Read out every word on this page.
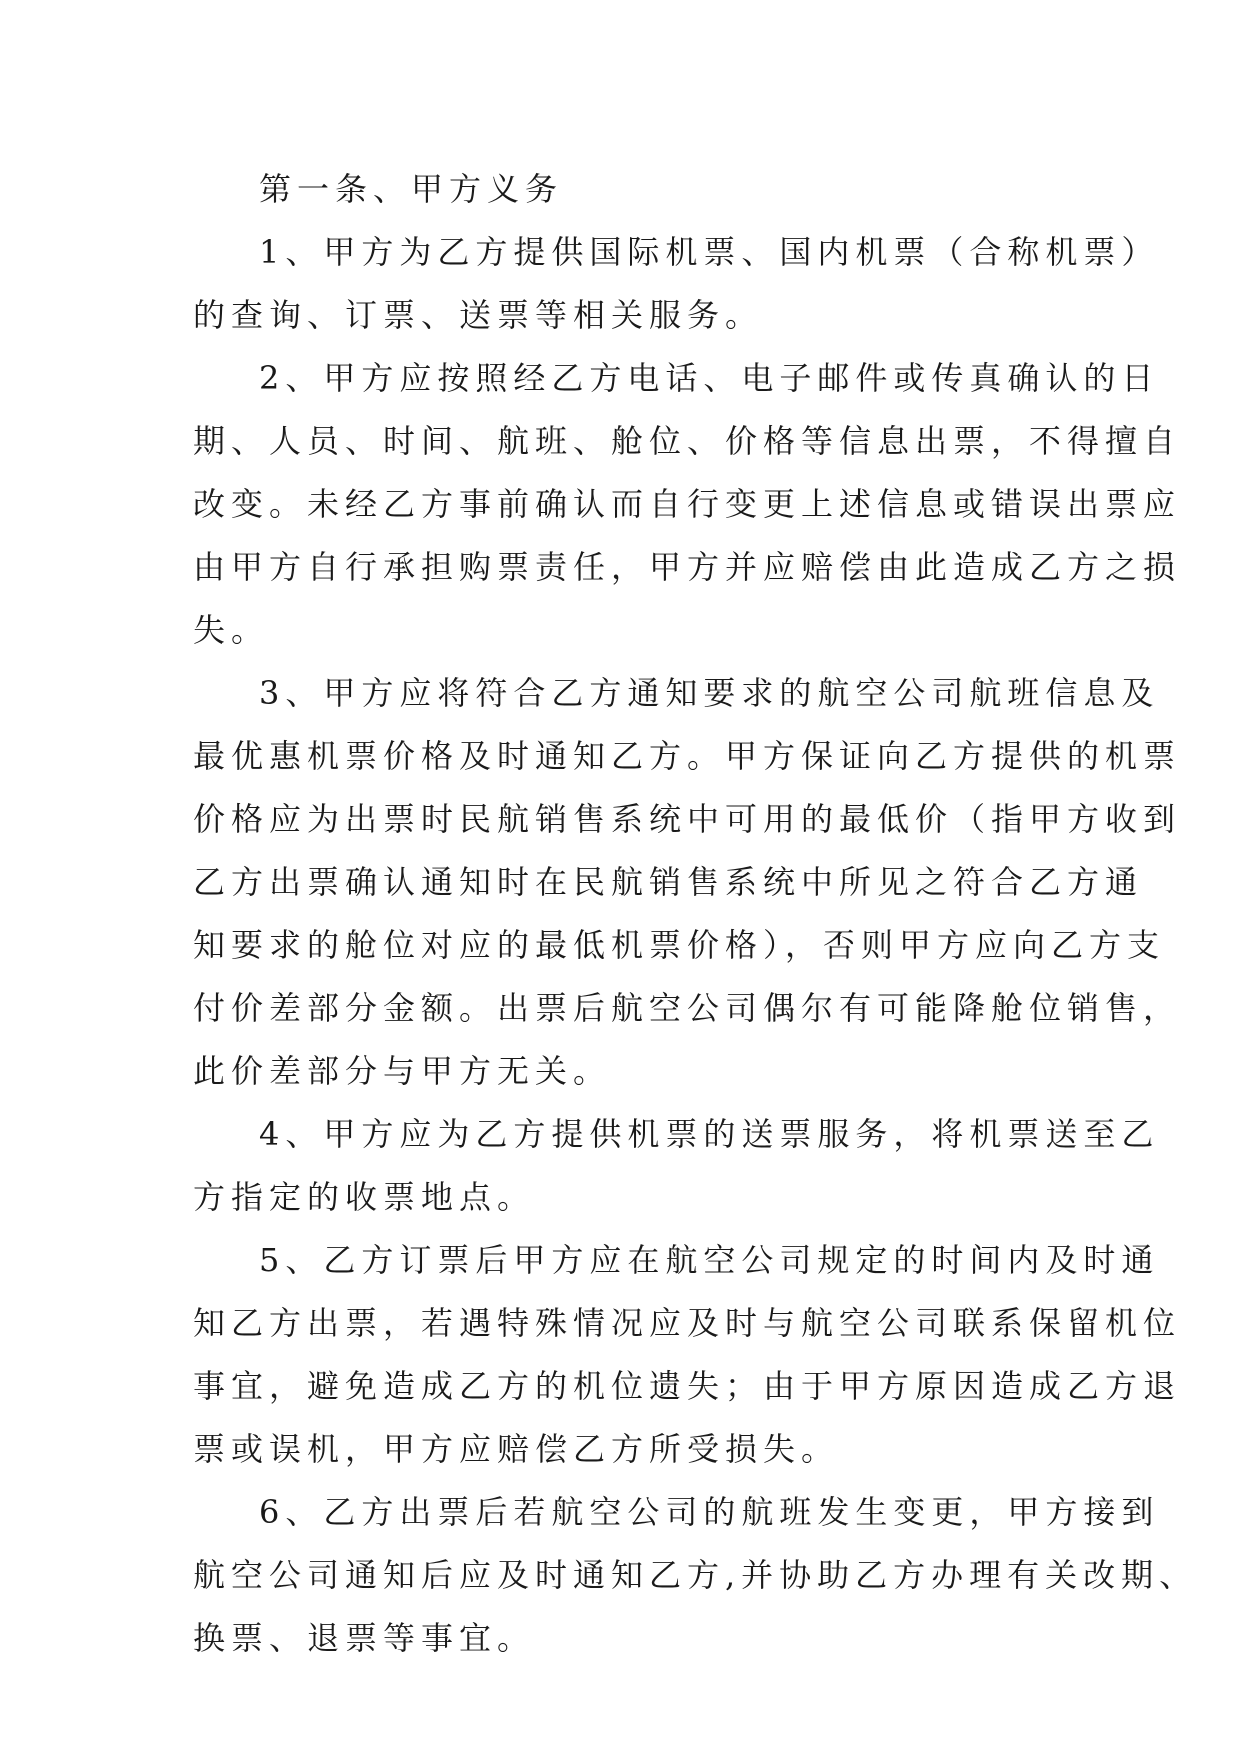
第一条、甲方义务
1、甲方为乙方提供国际机票、国内机票（合称机票）
的查询、订票、送票等相关服务。
2、甲方应按照经乙方电话、电子邮件或传真确认的日
期、人员、时间、航班、舱位、价格等信息出票，不得擅自
改变。未经乙方事前确认而自行变更上述信息或错误出票应
由甲方自行承担购票责任，甲方并应赔偿由此造成乙方之损
失。
3、甲方应将符合乙方通知要求的航空公司航班信息及
最优惠机票价格及时通知乙方。甲方保证向乙方提供的机票
价格应为出票时民航销售系统中可用的最低价（指甲方收到
乙方出票确认通知时在民航销售系统中所见之符合乙方通
知要求的舱位对应的最低机票价格），否则甲方应向乙方支
付价差部分金额。出票后航空公司偶尔有可能降舱位销售，
此价差部分与甲方无关。
4、甲方应为乙方提供机票的送票服务，将机票送至乙
方指定的收票地点。
5、乙方订票后甲方应在航空公司规定的时间内及时通
知乙方出票，若遇特殊情况应及时与航空公司联系保留机位
事宜，避免造成乙方的机位遗失；由于甲方原因造成乙方退
票或误机，甲方应赔偿乙方所受损失。
6、乙方出票后若航空公司的航班发生变更，甲方接到
航空公司通知后应及时通知乙方,并协助乙方办理有关改期、
换票、退票等事宜。
